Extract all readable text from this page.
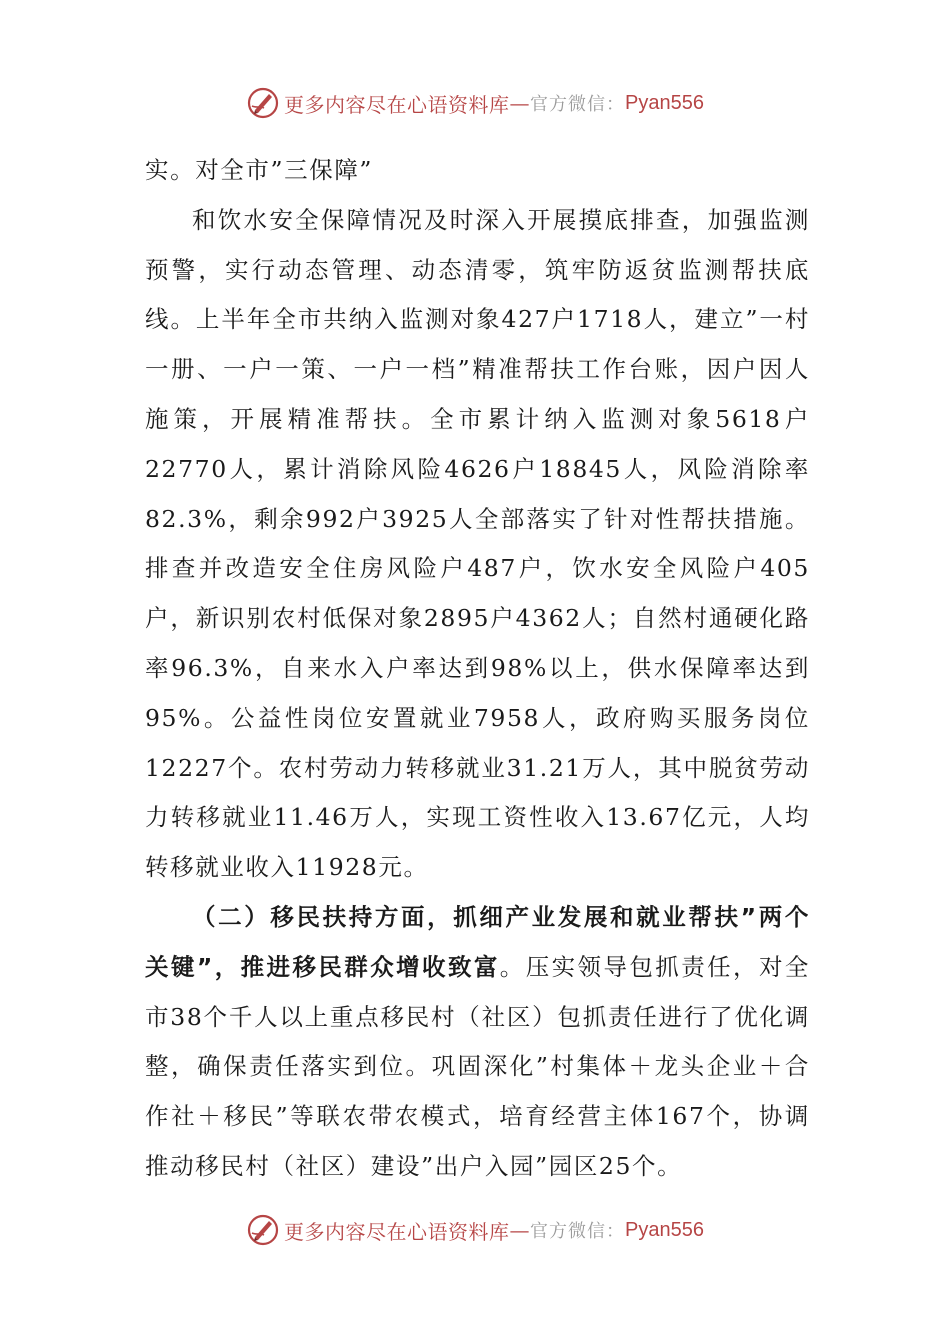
更多内容尽在心语资料库 — 官方微信： Pyan556

实。对全市”三保障”

和饮水安全保障情况及时深入开展摸底排查，加强监测预警，实行动态管理、动态清零，筑牢防返贫监测帮扶底线。上半年全市共纳入监测对象427户1718人，建立”一村一册、一户一策、一户一档”精准帮扶工作台账，因户因人施策，开展精准帮扶。全市累计纳入监测对象5618户22770人，累计消除风险4626户18845人，风险消除率82.3%，剩余992户3925人全部落实了针对性帮扶措施。排查并改造安全住房风险户487户，饮水安全风险户405户，新识别农村低保对象2895户4362人；自然村通硬化路率96.3%，自来水入户率达到98%以上，供水保障率达到95%。公益性岗位安置就业7958人，政府购买服务岗位12227个。农村劳动力转移就业31.21万人，其中脱贫劳动力转移就业11.46万人，实现工资性收入13.67亿元，人均转移就业收入11928元。

（二）移民扶持方面，抓细产业发展和就业帮扶”两个关键”，推进移民群众增收致富。压实领导包抓责任，对全市38个千人以上重点移民村（社区）包抓责任进行了优化调整，确保责任落实到位。巩固深化”村集体＋龙头企业＋合作社＋移民”等联农带农模式，培育经营主体167个，协调推动移民村（社区）建设”出户入园”园区25个。

更多内容尽在心语资料库 — 官方微信： Pyan556
